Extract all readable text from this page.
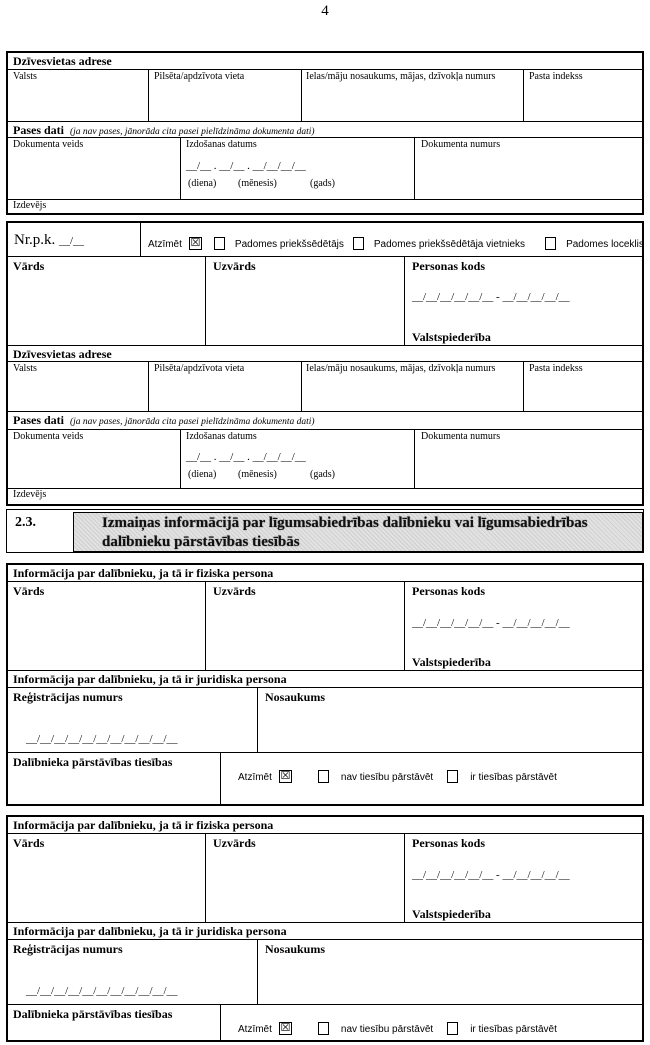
4
Dzīvesvietas adrese
Valsts	Pilsēta/apdzīvota vieta	Ielas/māju nosaukums, mājas, dzīvokļa numurs	Pasta indekss
Pases dati (ja nav pases, jānorāda cita pasei pielīdzināma dokumenta dati)
Dokumenta veids	Izdošanas datums
__/__ . __/__ . __/__/__/__
(diena) (mēnesis)	(gads)
Dokumenta numurs
Izdevējs
Nr.p.k. __/__	Atzīmēt ☒	Padomes priekšsēdētājs	Padomes priekšsēdētāja vietnieks	Padomes loceklis
Vārds	Uzvārds	Personas kods
__/__/__/__/__/__ - __/__/__/__/__
Valstspiederība
Dzīvesvietas adrese
Valsts	Pilsēta/apdzīvota vieta	Ielas/māju nosaukums, mājas, dzīvokļa numurs	Pasta indekss
Pases dati (ja nav pases, jānorāda cita pasei pielīdzināma dokumenta dati)
Dokumenta veids	Izdošanas datums
__/__ . __/__ . __/__/__/__
(diena) (mēnesis)	(gads)
Dokumenta numurs
Izdevējs
2.3.	Izmaiņas informācijā par līgumsabiedrības dalībnieku vai līgumsabiedrības dalībnieku pārstāvības tiesībās
Informācija par dalībnieku, ja tā ir fiziska persona
Vārds	Uzvārds	Personas kods
__/__/__/__/__/__ - __/__/__/__/__
Valstspiederība
Informācija par dalībnieku, ja tā ir juridiska persona
Reģistrācijas numurs
__/__/__/__/__/__/__/__/__/__/__
Nosaukums
Dalībnieka pārstāvības tiesības
Atzīmēt ☒	nav tiesību pārstāvēt	ir tiesības pārstāvēt
Informācija par dalībnieku, ja tā ir fiziska persona
Vārds	Uzvārds	Personas kods
__/__/__/__/__/__ - __/__/__/__/__
Valstspiederība
Informācija par dalībnieku, ja tā ir juridiska persona
Reģistrācijas numurs
__/__/__/__/__/__/__/__/__/__/__
Nosaukums
Dalībnieka pārstāvības tiesības
Atzīmēt ☒	nav tiesību pārstāvēt	ir tiesības pārstāvēt
